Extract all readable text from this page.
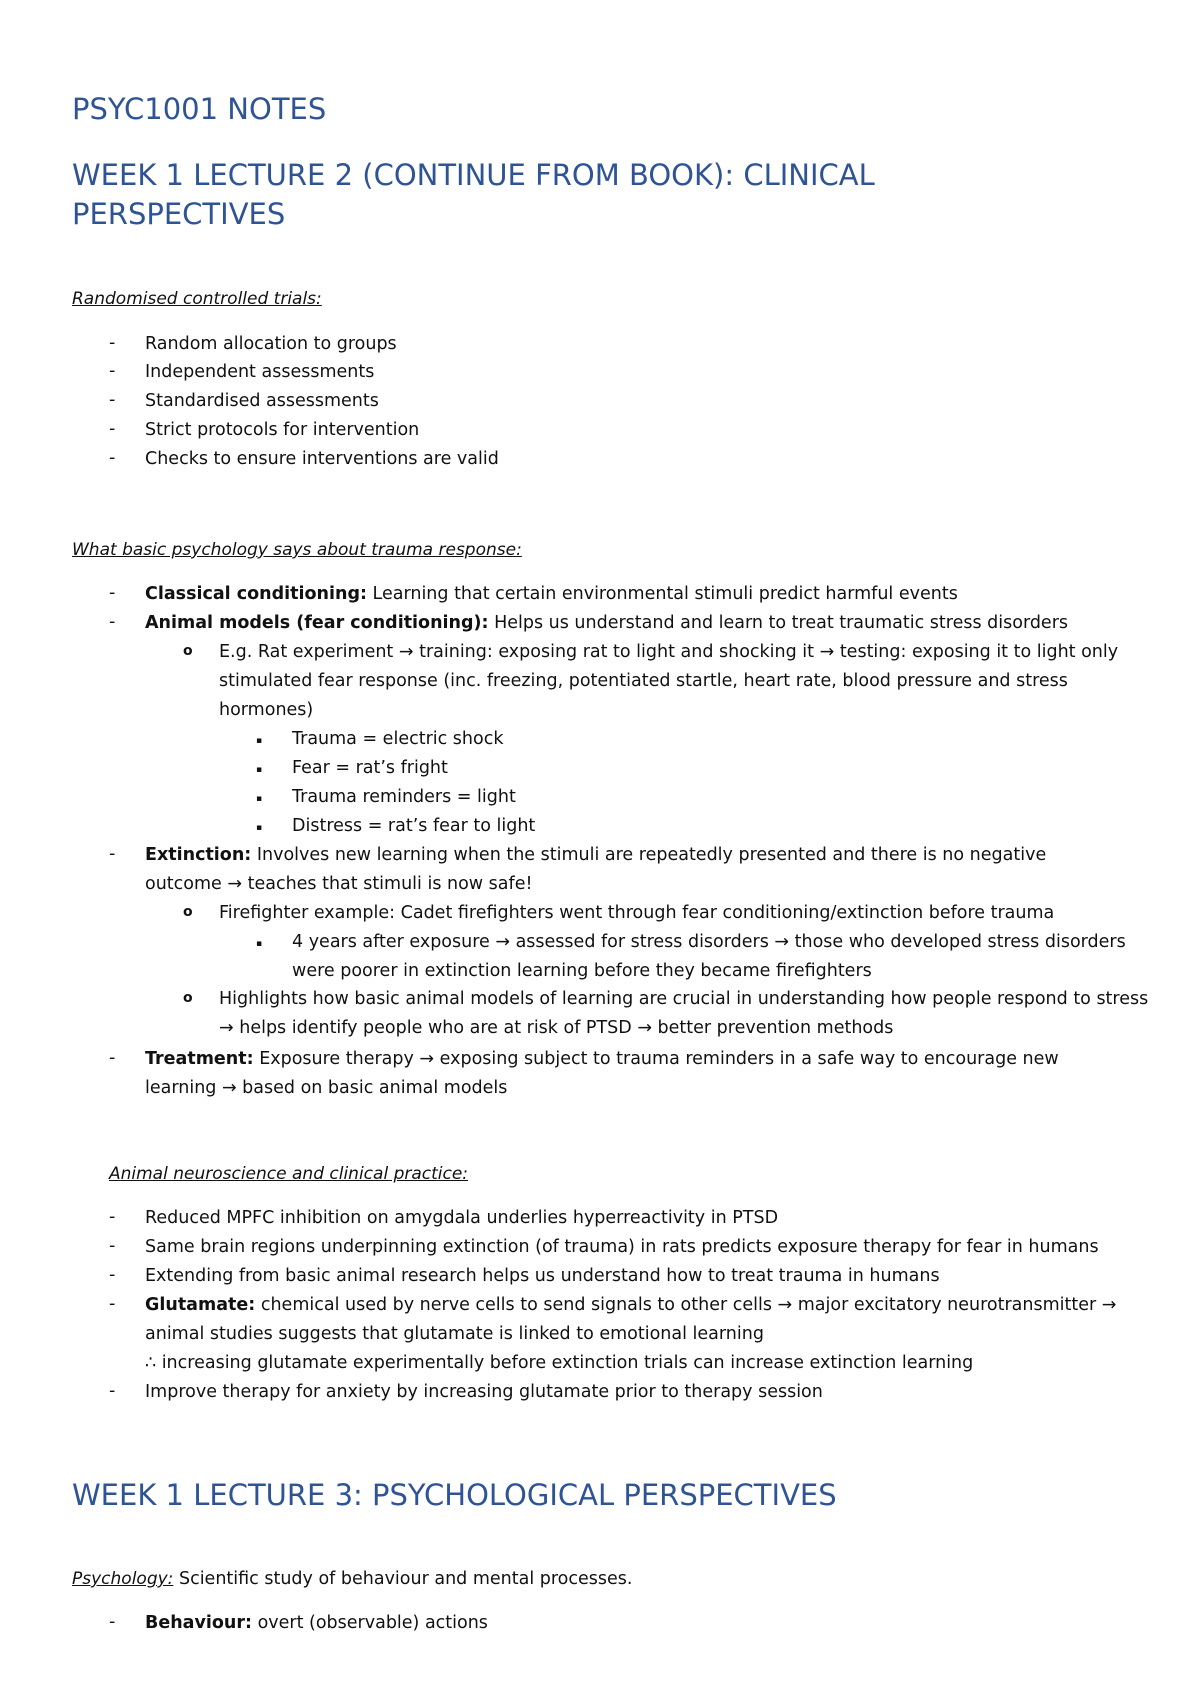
PSYC1001 NOTES
WEEK 1 LECTURE 2 (CONTINUE FROM BOOK): CLINICAL
PERSPECTIVES
Randomised controlled trials:
- Random allocation to groups
- Independent assessments
- Standardised assessments
- Strict protocols for intervention
- Checks to ensure interventions are valid
What basic psychology says about trauma response:
- Classical conditioning: Learning that certain environmental stimuli predict harmful events
- Animal models (fear conditioning): Helps us understand and learn to treat traumatic stress disorders
o E.g. Rat experiment → training: exposing rat to light and shocking it → testing: exposing it to light only stimulated fear response (inc. freezing, potentiated startle, heart rate, blood pressure and stress hormones)
▪ Trauma = electric shock
▪ Fear = rat’s fright
▪ Trauma reminders = light
▪ Distress = rat’s fear to light
- Extinction: Involves new learning when the stimuli are repeatedly presented and there is no negative outcome → teaches that stimuli is now safe!
o Firefighter example: Cadet firefighters went through fear conditioning/extinction before trauma
▪ 4 years after exposure → assessed for stress disorders → those who developed stress disorders were poorer in extinction learning before they became firefighters
o Highlights how basic animal models of learning are crucial in understanding how people respond to stress → helps identify people who are at risk of PTSD → better prevention methods
- Treatment: Exposure therapy → exposing subject to trauma reminders in a safe way to encourage new learning → based on basic animal models
Animal neuroscience and clinical practice:
- Reduced MPFC inhibition on amygdala underlies hyperreactivity in PTSD
- Same brain regions underpinning extinction (of trauma) in rats predicts exposure therapy for fear in humans
- Extending from basic animal research helps us understand how to treat trauma in humans
- Glutamate: chemical used by nerve cells to send signals to other cells → major excitatory neurotransmitter → animal studies suggests that glutamate is linked to emotional learning
∴ increasing glutamate experimentally before extinction trials can increase extinction learning
- Improve therapy for anxiety by increasing glutamate prior to therapy session
WEEK 1 LECTURE 3: PSYCHOLOGICAL PERSPECTIVES
Psychology: Scientific study of behaviour and mental processes.
- Behaviour: overt (observable) actions
